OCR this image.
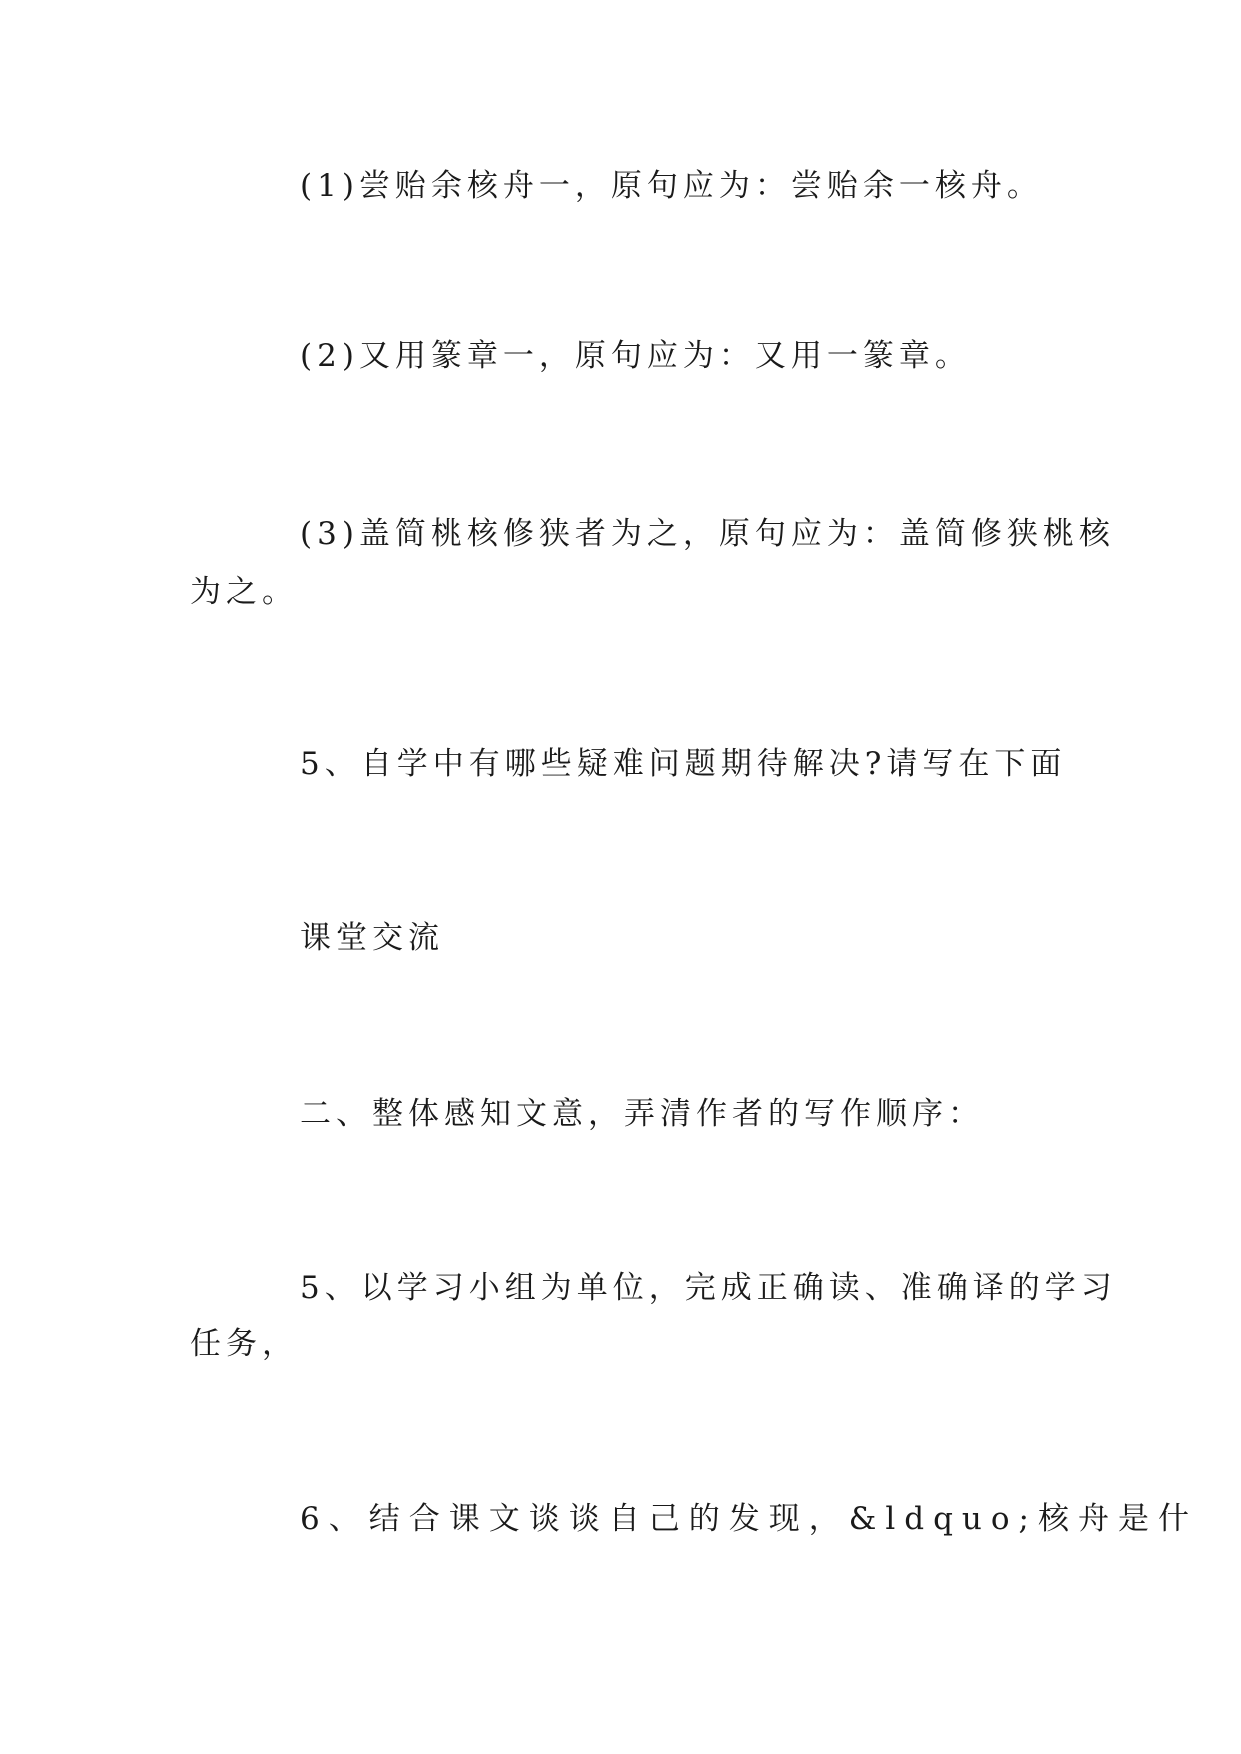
(1)尝贻余核舟一，原句应为：尝贻余一核舟。
(2)又用篆章一，原句应为：又用一篆章。
(3)盖简桃核修狭者为之，原句应为：盖简修狭桃核
为之。
5、自学中有哪些疑难问题期待解决?请写在下面
课堂交流
二、整体感知文意，弄清作者的写作顺序：
5、以学习小组为单位，完成正确读、准确译的学习
任务，
6、结合课文谈谈自己的发现，&ldquo;核舟是什
